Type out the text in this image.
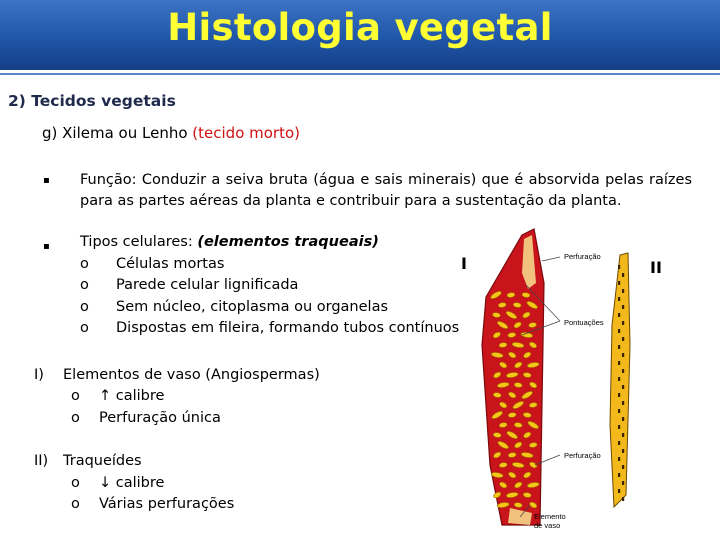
Histologia vegetal
2) Tecidos vegetais
g) Xilema ou Lenho (tecido morto)
▪ Função: Conduzir a seiva bruta (água e sais minerais) que é absorvida pelas raízes para as partes aéreas da planta e contribuir para a sustentação da planta.
▪ Tipos celulares: (elementos traqueais)
o Células mortas
o Parede celular lignificada
o Sem núcleo, citoplasma ou organelas
o Dispostas em fileira, formando tubos contínuos
I) Elementos de vaso (Angiospermas)
o ↑ calibre
o Perfuração única
II) Traqueídes
o ↓ calibre
o Várias perfurações
I	II
Perfuração
Pontuações
Perfuração
Elemento
de vaso
